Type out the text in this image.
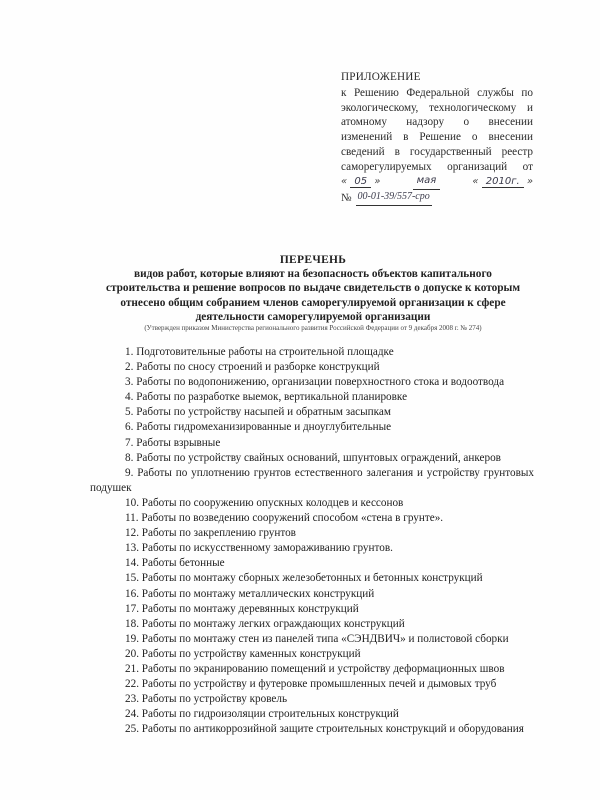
ПРИЛОЖЕНИЕ
к Решению Федеральной службы по
экологическому, технологическому и
атомному надзору о внесении
изменений в Решение о внесении
сведений в государственный реестр
саморегулируемых организаций от
« 05 »	мая	« 2010г. »
№ 00-01-39/557-сро
ПЕРЕЧЕНЬ
видов работ, которые влияют на безопасность объектов капитального
строительства и решение вопросов по выдаче свидетельств о допуске к которым
отнесено общим собранием членов саморегулируемой организации к сфере
деятельности саморегулируемой организации
(Утвержден приказом Министерства регионального развития Российской Федерации от 9 декабря 2008 г. № 274)
1. Подготовительные работы на строительной площадке
2. Работы по сносу строений и разборке конструкций
3. Работы по водопонижению, организации поверхностного стока и водоотвода
4. Работы по разработке выемок, вертикальной планировке
5. Работы по устройству насыпей и обратным засыпкам
6. Работы гидромеханизированные и дноуглубительные
7. Работы взрывные
8. Работы по устройству свайных оснований, шпунтовых ограждений, анкеров
9. Работы по уплотнению грунтов естественного залегания и устройству грунтовых подушек
10. Работы по сооружению опускных колодцев и кессонов
11. Работы по возведению сооружений способом «стена в грунте».
12. Работы по закреплению грунтов
13. Работы по искусственному замораживанию грунтов.
14. Работы бетонные
15. Работы по монтажу сборных железобетонных и бетонных конструкций
16. Работы по монтажу металлических конструкций
17. Работы по монтажу деревянных конструкций
18. Работы по монтажу легких ограждающих конструкций
19. Работы по монтажу стен из панелей типа «СЭНДВИЧ» и полистовой сборки
20. Работы по устройству каменных конструкций
21. Работы по экранированию помещений и устройству деформационных швов
22. Работы по устройству и футеровке промышленных печей и дымовых труб
23. Работы по устройству кровель
24. Работы по гидроизоляции строительных конструкций
25. Работы по антикоррозийной защите строительных конструкций и оборудования
